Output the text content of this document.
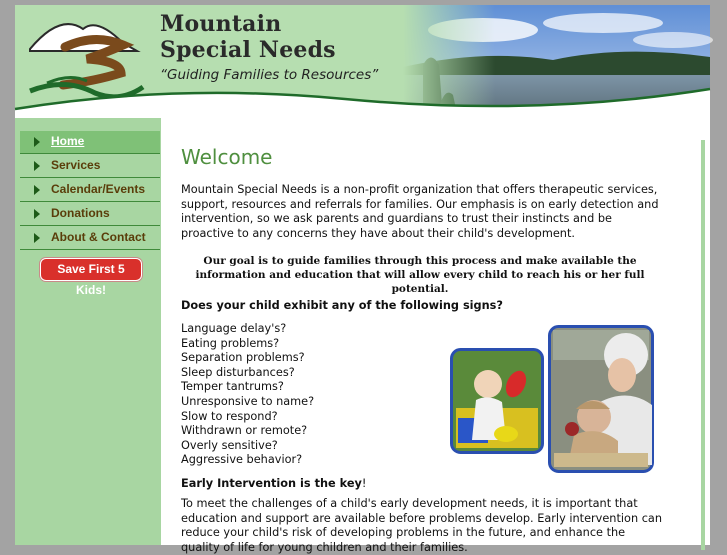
Mountain
Special Needs
“Guiding Families to Resources”
Home
Services
Calendar/Events
Donations
About & Contact
Save First 5 Kids!
Welcome
Mountain Special Needs is a non-profit organization that offers therapeutic services, support, resources and referrals for families. Our emphasis is on early detection and intervention, so we ask parents and guardians to trust their instincts and be proactive to any concerns they have about their child's development.
Our goal is to guide families through this process and make available the information and education that will allow every child to reach his or her full potential.
Does your child exhibit any of the following signs?
Language delay's?
Eating problems?
Separation problems?
Sleep disturbances?
Temper tantrums?
Unresponsive to name?
Slow to respond?
Withdrawn or remote?
Overly sensitive?
Aggressive behavior?
Early Intervention is the key!
To meet the challenges of a child's early development needs, it is important that education and support are available before problems develop. Early intervention can reduce your child's risk of developing problems in the future, and enhance the quality of life for young children and their families.
